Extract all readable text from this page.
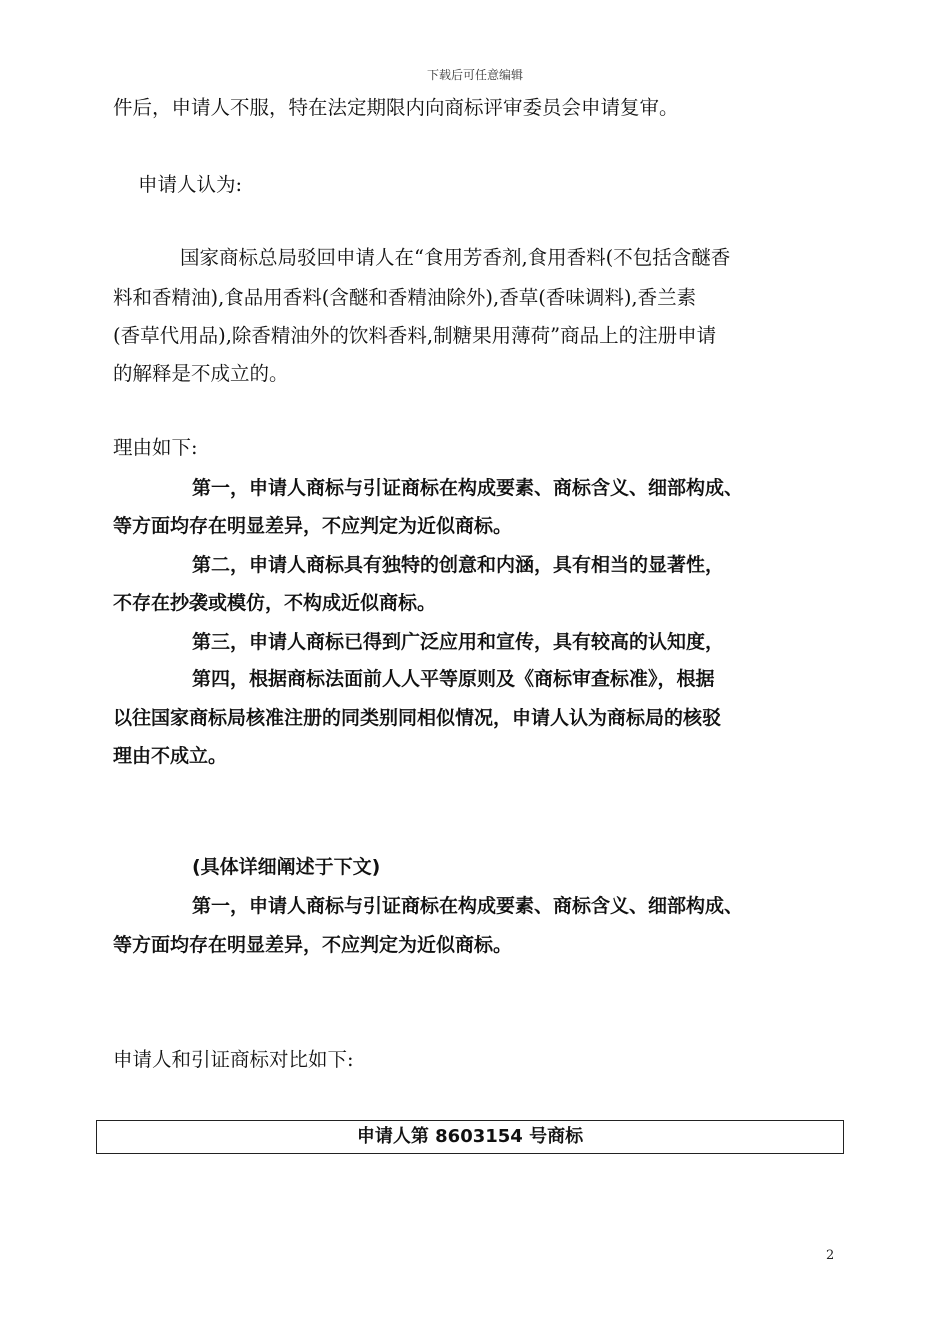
下载后可任意编辑
件后，申请人不服，特在法定期限内向商标评审委员会申请复审。
申请人认为:
国家商标总局驳回申请人在“食用芳香剂,食用香料(不包括含醚香
料和香精油),食品用香料(含醚和香精油除外),香草(香味调料),香兰素
(香草代用品),除香精油外的饮料香料,制糖果用薄荷”商品上的注册申请
的解释是不成立的。
理由如下:
第一，申请人商标与引证商标在构成要素、商标含义、细部构成、
等方面均存在明显差异，不应判定为近似商标。
第二，申请人商标具有独特的创意和内涵，具有相当的显著性，
不存在抄袭或模仿，不构成近似商标。
第三，申请人商标已得到广泛应用和宣传，具有较高的认知度，
第四，根据商标法面前人人平等原则及《商标审查标准》，根据
以往国家商标局核准注册的同类别同相似情况，申请人认为商标局的核驳
理由不成立。
(具体详细阐述于下文)
第一，申请人商标与引证商标在构成要素、商标含义、细部构成、
等方面均存在明显差异，不应判定为近似商标。
申请人和引证商标对比如下:
申请人第 8603154 号商标
2
